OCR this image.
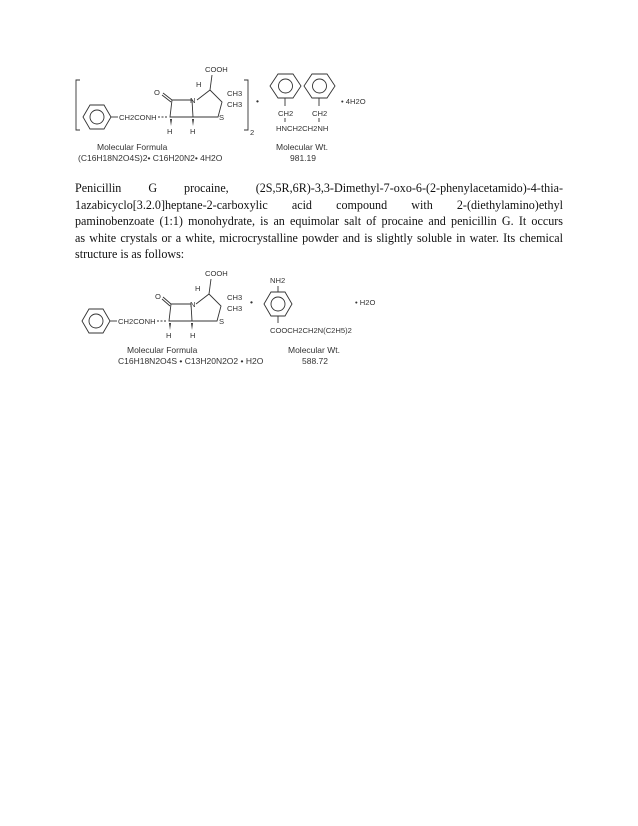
CH2CONH
O
N
S
COOH
H
CH3
CH3
H H	2
•
CH2 CH2
HNCH2CH2NH
• 4H2O
Molecular Formula
(C16H18N2O4S)2• C16H20N2• 4H2O
Molecular Wt.
981.19
Penicillin G procaine, (2S,5R,6R)-3,3-Dimethyl-7-oxo-6-(2-phenylacetamido)-4-thia-
1azabicyclo[3.2.0]heptane-2-carboxylic acid compound with 2-(diethylamino)ethyl
paminobenzoate (1:1) monohydrate, is an equimolar salt of procaine and penicillin G. It occurs
as white crystals or a white, microcrystalline powder and is slightly soluble in water. Its chemical
structure is as follows:
CH2CONH
O
N
S
COOH
H
CH3
CH3
H H
•
NH2
COOCH2CH2N(C2H5)2
• H2O
Molecular Formula
C16H18N2O4S • C13H20N2O2 • H2O
Molecular Wt.
588.72
